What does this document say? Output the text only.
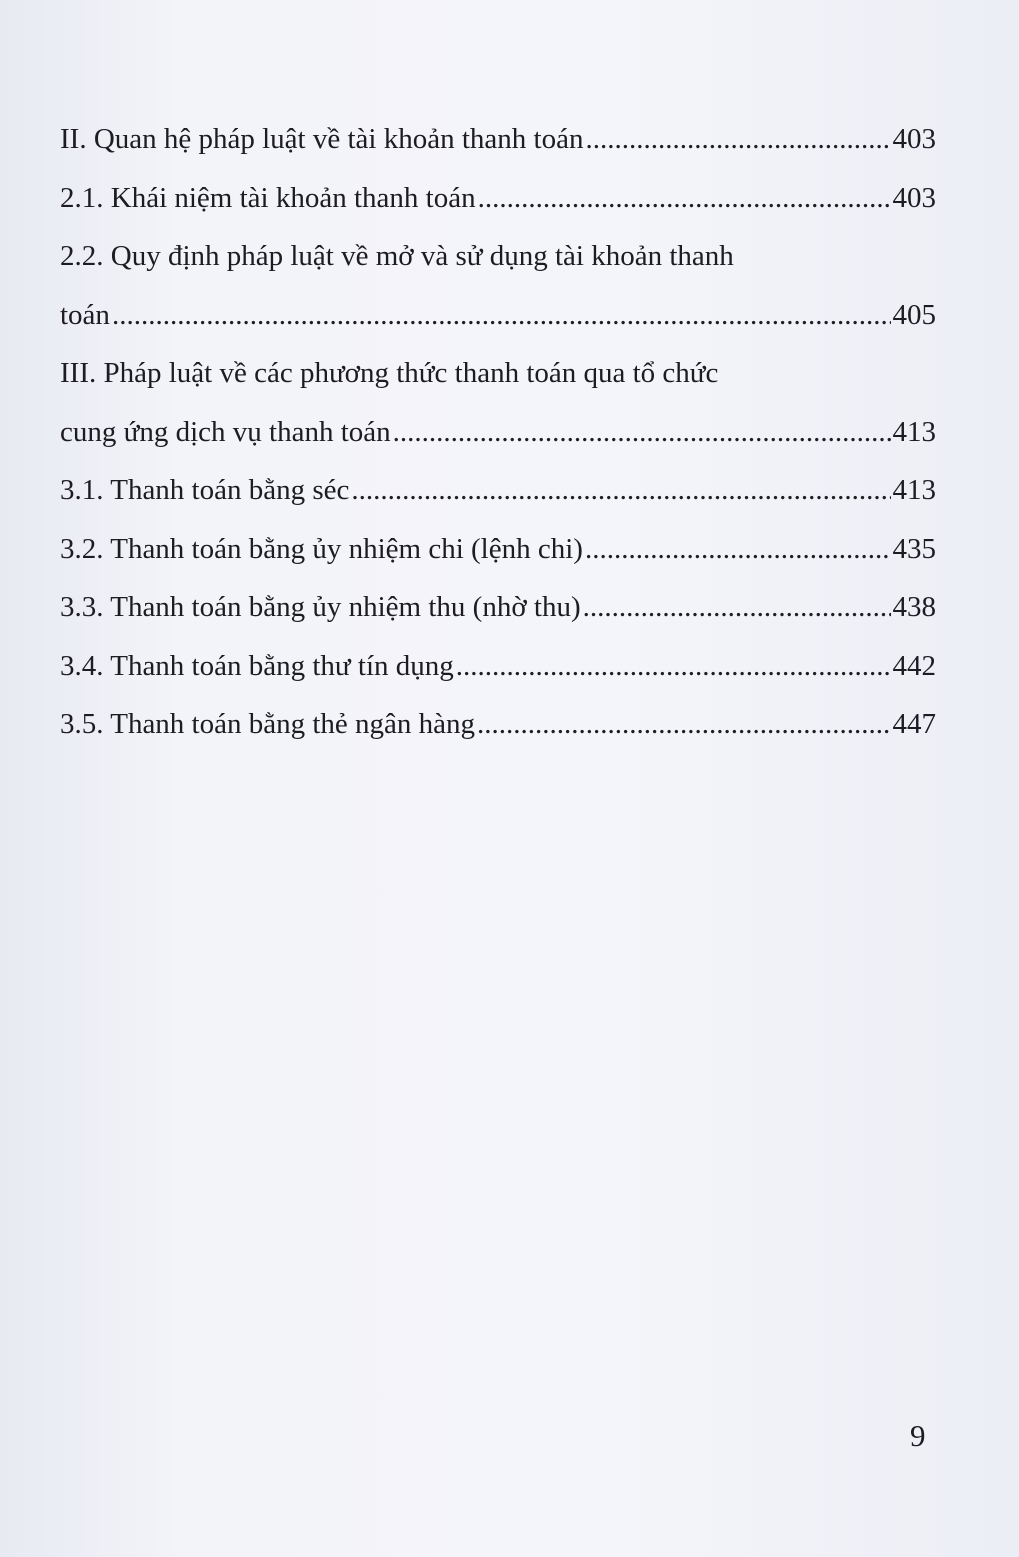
II. Quan hệ pháp luật về tài khoản thanh toán .....	403
2.1. Khái niệm tài khoản thanh toán .....	403
2.2. Quy định pháp luật về mở và sử dụng tài khoản thanh
toán .....	405
III. Pháp luật về các phương thức thanh toán qua tổ chức
cung ứng dịch vụ thanh toán .....	413
3.1. Thanh toán bằng séc .....	413
3.2. Thanh toán bằng ủy nhiệm chi (lệnh chi) .....	435
3.3. Thanh toán bằng ủy nhiệm thu (nhờ thu) .....	438
3.4. Thanh toán bằng thư tín dụng .....	442
3.5. Thanh toán bằng thẻ ngân hàng .....	447
9
